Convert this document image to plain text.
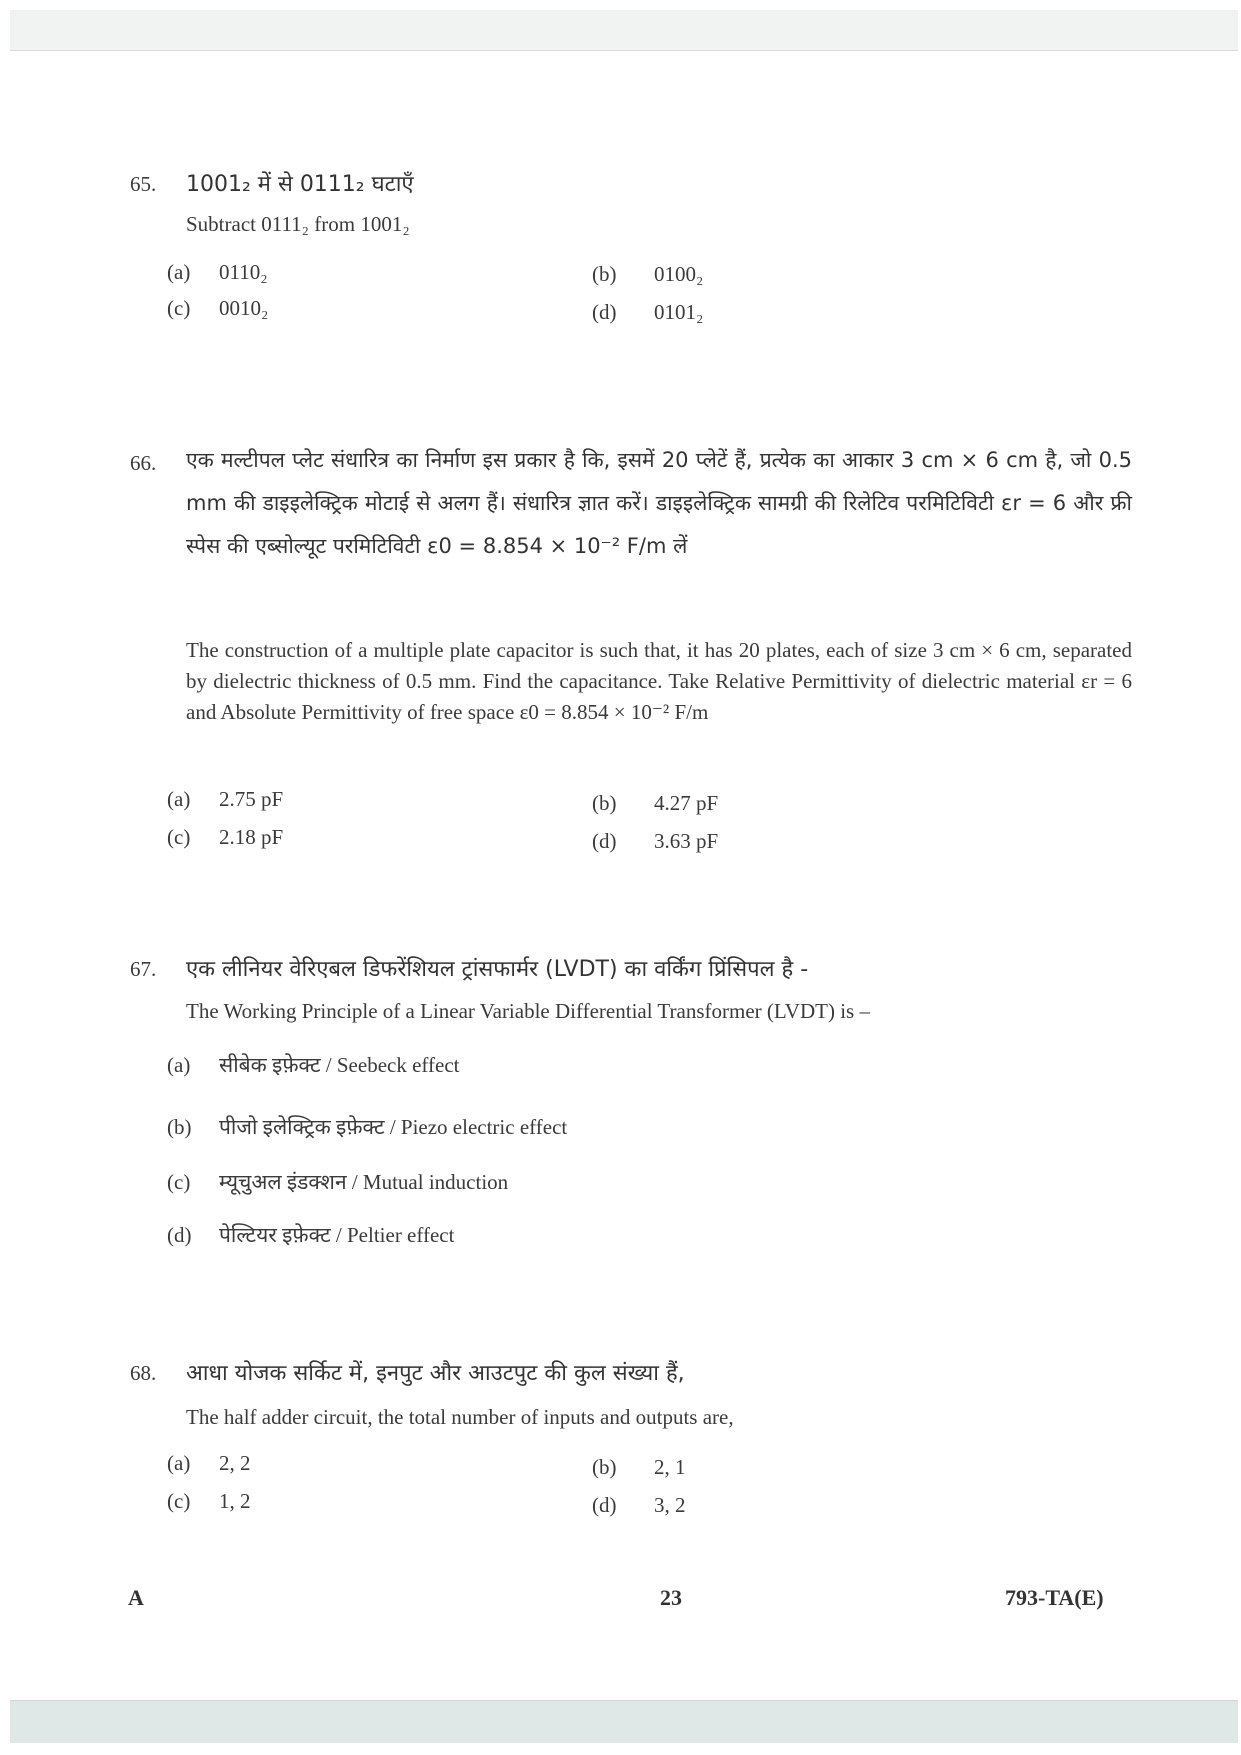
65. 1001₂ में से 0111₂ घटाएँ
Subtract 0111₂ from 1001₂
(a) 0110₂	(b) 0100₂
(c) 0010₂	(d) 0101₂
66. एक मल्टीपल प्लेट संधारित्र का निर्माण इस प्रकार है कि, इसमें 20 प्लेटें हैं, प्रत्येक का आकार 3 cm × 6 cm है, जो 0.5 mm की डाइइलेक्ट्रिक मोटाई से अलग हैं। संधारित्र ज्ञात करें। डाइइलेक्ट्रिक सामग्री की रिलेटिव परमिटिविटी εr = 6 और फ्री स्पेस की एब्सोल्यूट परमिटिविटी ε0 = 8.854 × 10⁻² F/m लें
The construction of a multiple plate capacitor is such that, it has 20 plates, each of size 3 cm × 6 cm, separated by dielectric thickness of 0.5 mm. Find the capacitance. Take Relative Permittivity of dielectric material εr = 6 and Absolute Permittivity of free space ε0 = 8.854 × 10⁻² F/m
(a) 2.75 pF	(b) 4.27 pF
(c) 2.18 pF	(d) 3.63 pF
67. एक लीनियर वेरिएबल डिफरेंशियल ट्रांसफार्मर (LVDT) का वर्किंग प्रिंसिपल है -
The Working Principle of a Linear Variable Differential Transformer (LVDT) is –
(a) सीबेक इफ़ेक्ट / Seebeck effect
(b) पीजो इलेक्ट्रिक इफ़ेक्ट / Piezo electric effect
(c) म्यूचुअल इंडक्शन / Mutual induction
(d) पेल्टियर इफ़ेक्ट / Peltier effect
68. आधा योजक सर्किट में, इनपुट और आउटपुट की कुल संख्या हैं,
The half adder circuit, the total number of inputs and outputs are,
(a) 2, 2	(b) 2, 1
(c) 1, 2	(d) 3, 2
A	23	793-TA(E)
